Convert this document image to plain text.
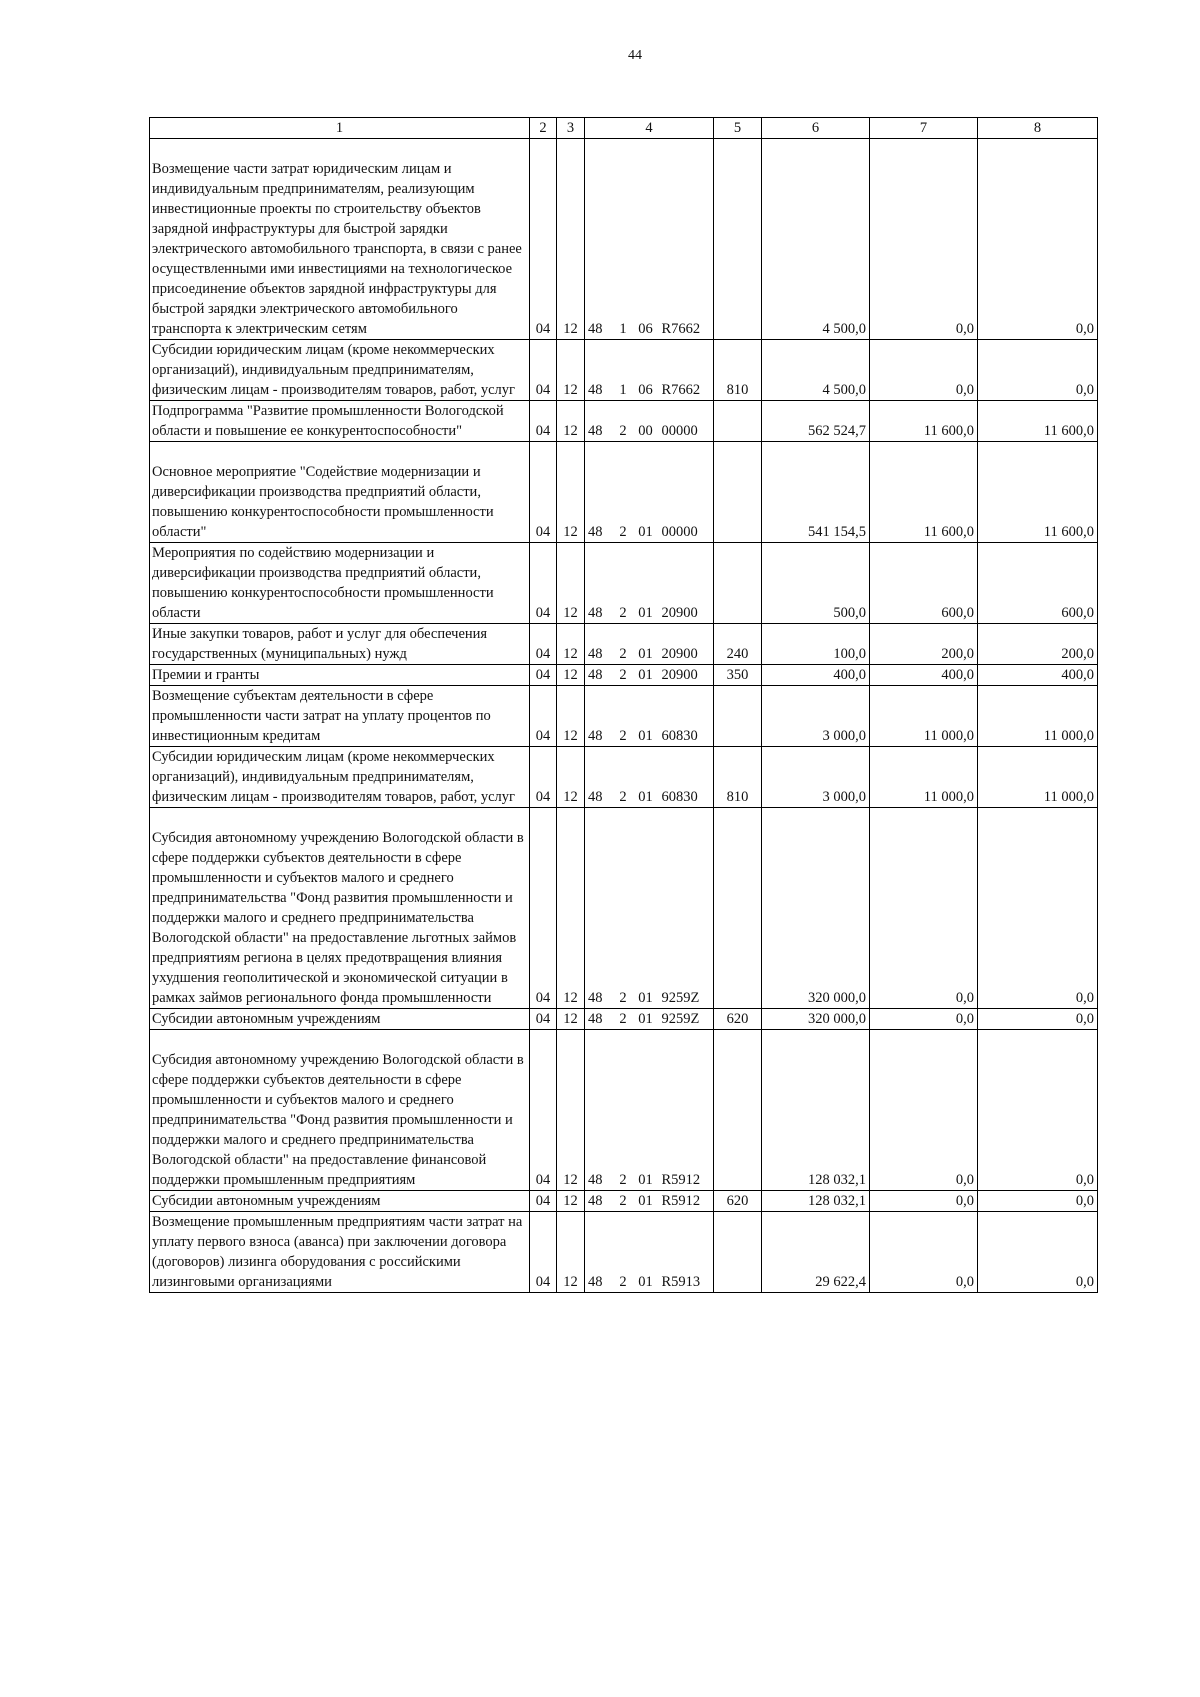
44
1	2	3	4				5	6	7	8
Возмещение части затрат юридическим лицам и индивидуальным предпринимателям, реализующим инвестиционные проекты по строительству объектов зарядной инфраструктуры для быстрой зарядки электрического автомобильного транспорта, в связи с ранее осуществленными ими инвестициями на технологическое присоединение объектов зарядной инфраструктуры для быстрой зарядки электрического автомобильного транспорта к электрическим сетям	04	12	48	1	06	R7662		4 500,0	0,0	0,0
Субсидии юридическим лицам (кроме некоммерческих организаций), индивидуальным предпринимателям, физическим лицам - производителям товаров, работ, услуг	04	12	48	1	06	R7662	810	4 500,0	0,0	0,0
Подпрограмма "Развитие промышленности Вологодской области и повышение ее конкурентоспособности"	04	12	48	2	00	00000		562 524,7	11 600,0	11 600,0
Основное мероприятие "Содействие модернизации и диверсификации производства предприятий области, повышению конкурентоспособности промышленности области"	04	12	48	2	01	00000		541 154,5	11 600,0	11 600,0
Мероприятия по содействию модернизации и диверсификации производства предприятий области, повышению конкурентоспособности промышленности области	04	12	48	2	01	20900		500,0	600,0	600,0
Иные закупки товаров, работ и услуг для обеспечения государственных (муниципальных) нужд	04	12	48	2	01	20900	240	100,0	200,0	200,0
Премии и гранты	04	12	48	2	01	20900	350	400,0	400,0	400,0
Возмещение субъектам деятельности в сфере промышленности части затрат на уплату процентов по инвестиционным кредитам	04	12	48	2	01	60830		3 000,0	11 000,0	11 000,0
Субсидии юридическим лицам (кроме некоммерческих организаций), индивидуальным предпринимателям, физическим лицам - производителям товаров, работ, услуг	04	12	48	2	01	60830	810	3 000,0	11 000,0	11 000,0
Субсидия автономному учреждению Вологодской области в сфере поддержки субъектов деятельности в сфере промышленности и субъектов малого и среднего предпринимательства "Фонд развития промышленности и поддержки малого и среднего предпринимательства Вологодской области" на предоставление льготных займов предприятиям региона в целях предотвращения влияния ухудшения геополитической и экономической ситуации в рамках займов регионального фонда промышленности	04	12	48	2	01	9259Z		320 000,0	0,0	0,0
Субсидии автономным учреждениям	04	12	48	2	01	9259Z	620	320 000,0	0,0	0,0
Субсидия автономному учреждению Вологодской области в сфере поддержки субъектов деятельности в сфере промышленности и субъектов малого и среднего предпринимательства "Фонд развития промышленности и поддержки малого и среднего предпринимательства Вологодской области" на предоставление финансовой поддержки промышленным предприятиям	04	12	48	2	01	R5912		128 032,1	0,0	0,0
Субсидии автономным учреждениям	04	12	48	2	01	R5912	620	128 032,1	0,0	0,0
Возмещение промышленным предприятиям части затрат на уплату первого взноса (аванса) при заключении договора (договоров) лизинга оборудования с российскими лизинговыми организациями	04	12	48	2	01	R5913		29 622,4	0,0	0,0
